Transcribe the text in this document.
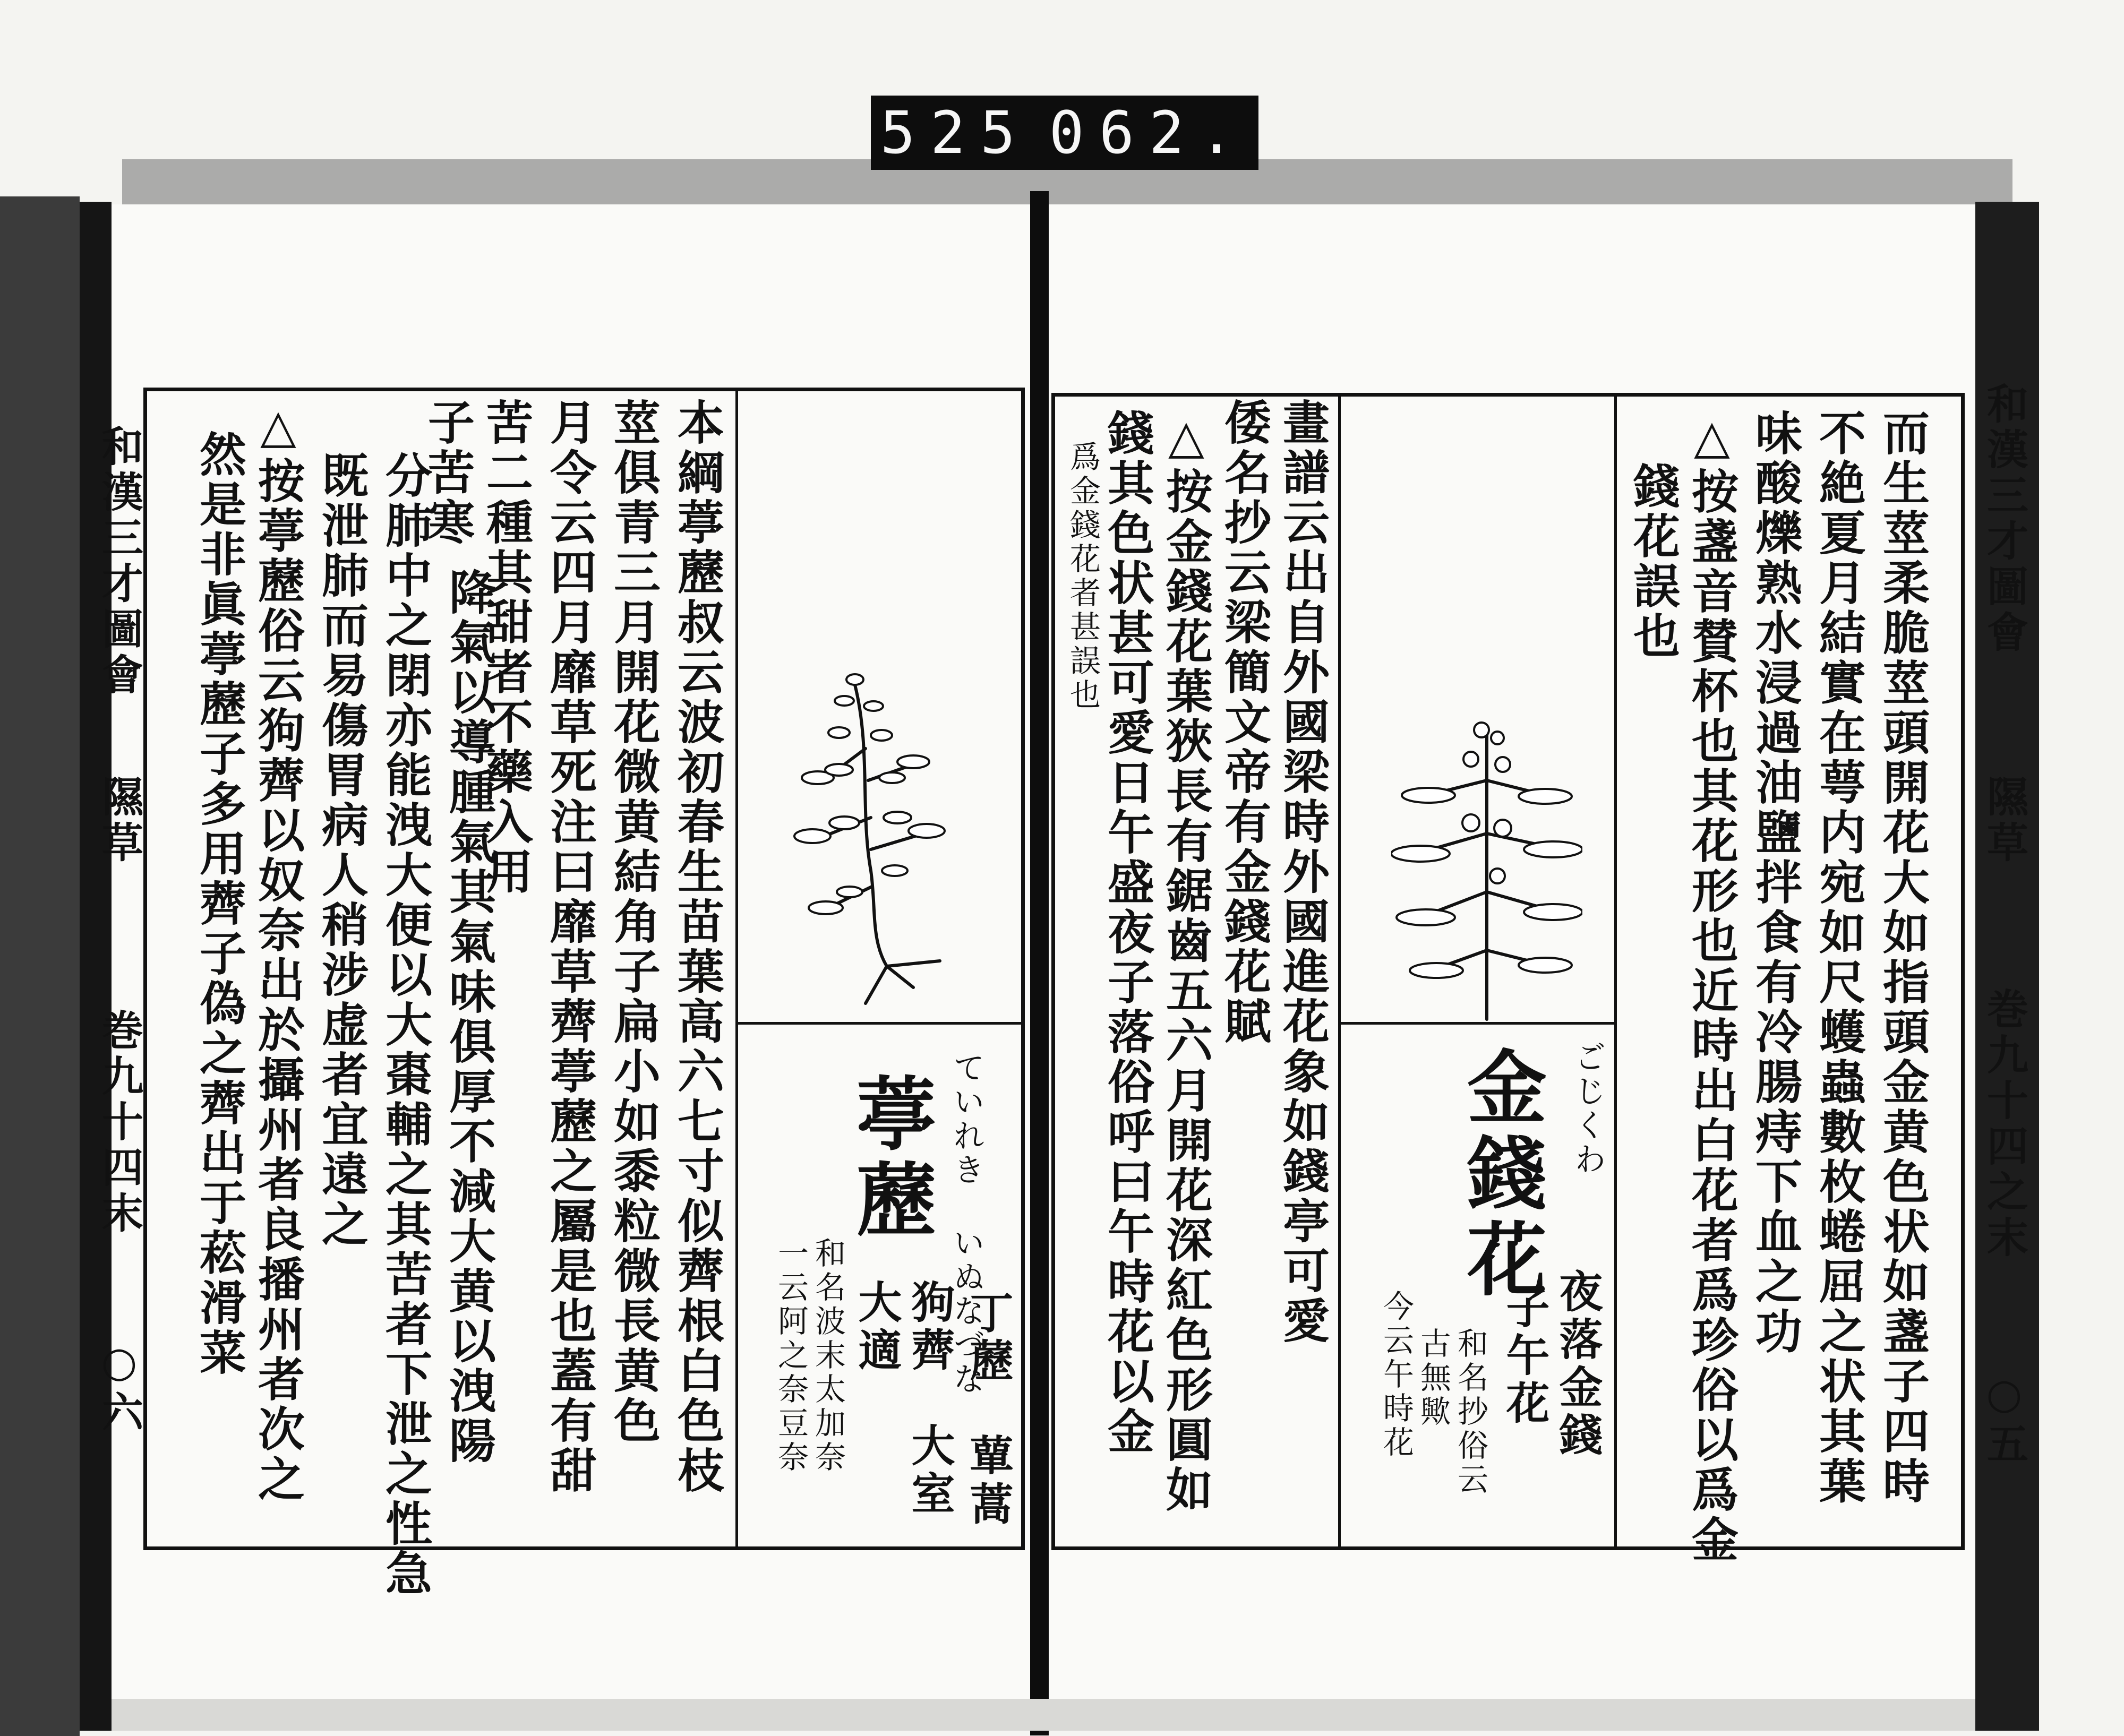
525 062.
和漢三才圖會
隰草
巻九十四末
○六	本綱葶藶叔云波初春生苗葉高六七寸似薺根白色枝
莖俱青三月開花微黄結角子扁小如黍粒微長黄色
月令云四月靡草死注曰靡草薺葶藶之屬是也蓋有甜
苦二種其甜者不藥入用
子苦寒
降氣以導腫氣其氣味俱厚不減大黄以洩陽
分肺中之閉亦能洩大便以大棗輔之其苦者下泄之性急
既泄肺而易傷胃病人稍涉虚者宜遠之
△按葶藶俗云狗薺以奴奈出於攝州者良播州者次之
然是非眞葶藶子多用薺子偽之薺出于菘滑菜	葶藶 ていれき いぬなづな
丁藶　蕇蒿
狗薺　大室
大適
和名波末太加奈
一云阿之奈豆奈
和漢三才圖會
隰草
巻九十四之末
○五
而生莖柔脆莖頭開花大如指頭金黄色状如盞子四時
不絶夏月結實在萼内宛如尺蠖蟲數枚蜷屈之状其葉
味酸爍熟水浸過油鹽拌食有冷腸痔下血之功
△按盞音賛杯也其花形也近時出白花者爲珍俗以爲金
錢花誤也
金錢花 ごじくわ
夜落金錢
子午花
和名抄俗云
古無歟
今云午時花
畫譜云出自外國梁時外國進花象如錢亭可愛
倭名抄云梁簡文帝有金錢花賦
△按金錢花葉狹長有鋸齒五六月開花深紅色形圓如
錢其色状甚可愛日午盛夜子落俗呼曰午時花以金
爲金錢花者甚誤也
